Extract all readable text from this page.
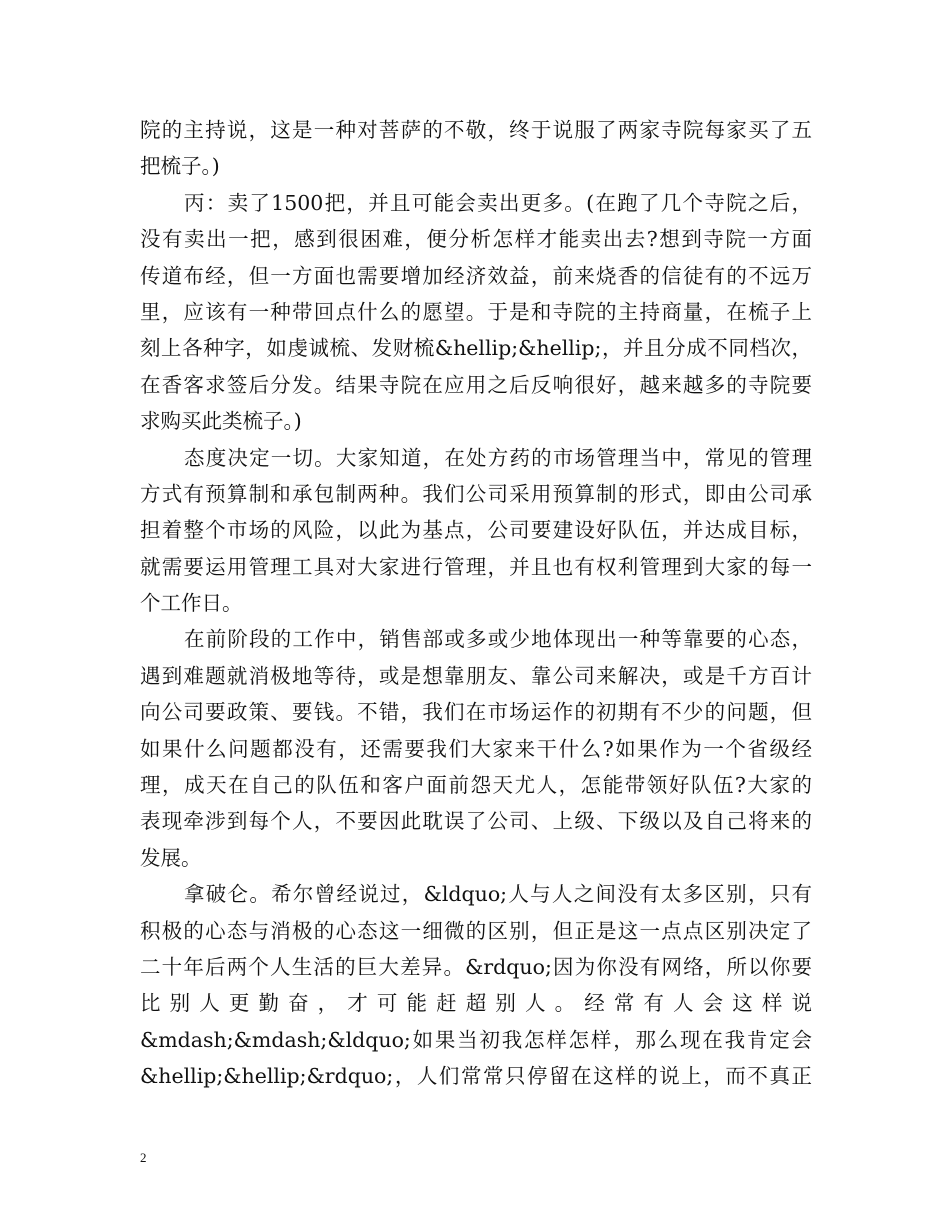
院的主持说，这是一种对菩萨的不敬，终于说服了两家寺院每家买了五
把梳子。)
丙：卖了1500把，并且可能会卖出更多。(在跑了几个寺院之后，
没有卖出一把，感到很困难，便分析怎样才能卖出去?想到寺院一方面
传道布经，但一方面也需要增加经济效益，前来烧香的信徒有的不远万
里，应该有一种带回点什么的愿望。于是和寺院的主持商量，在梳子上
刻上各种字，如虔诚梳、发财梳&hellip;&hellip;，并且分成不同档次，
在香客求签后分发。结果寺院在应用之后反响很好，越来越多的寺院要
求购买此类梳子。)
态度决定一切。大家知道，在处方药的市场管理当中，常见的管理
方式有预算制和承包制两种。我们公司采用预算制的形式，即由公司承
担着整个市场的风险，以此为基点，公司要建设好队伍，并达成目标，
就需要运用管理工具对大家进行管理，并且也有权利管理到大家的每一
个工作日。
在前阶段的工作中，销售部或多或少地体现出一种等靠要的心态，
遇到难题就消极地等待，或是想靠朋友、靠公司来解决，或是千方百计
向公司要政策、要钱。不错，我们在市场运作的初期有不少的问题，但
如果什么问题都没有，还需要我们大家来干什么?如果作为一个省级经
理，成天在自己的队伍和客户面前怨天尤人，怎能带领好队伍?大家的
表现牵涉到每个人，不要因此耽误了公司、上级、下级以及自己将来的
发展。
拿破仑。希尔曾经说过，&ldquo;人与人之间没有太多区别，只有
积极的心态与消极的心态这一细微的区别，但正是这一点点区别决定了
二十年后两个人生活的巨大差异。&rdquo;因为你没有网络，所以你要
比别人更勤奋，才可能赶超别人。经常有人会这样说
&mdash;&mdash;&ldquo;如果当初我怎样怎样，那么现在我肯定会
&hellip;&hellip;&rdquo;，人们常常只停留在这样的说上，而不真正
2
